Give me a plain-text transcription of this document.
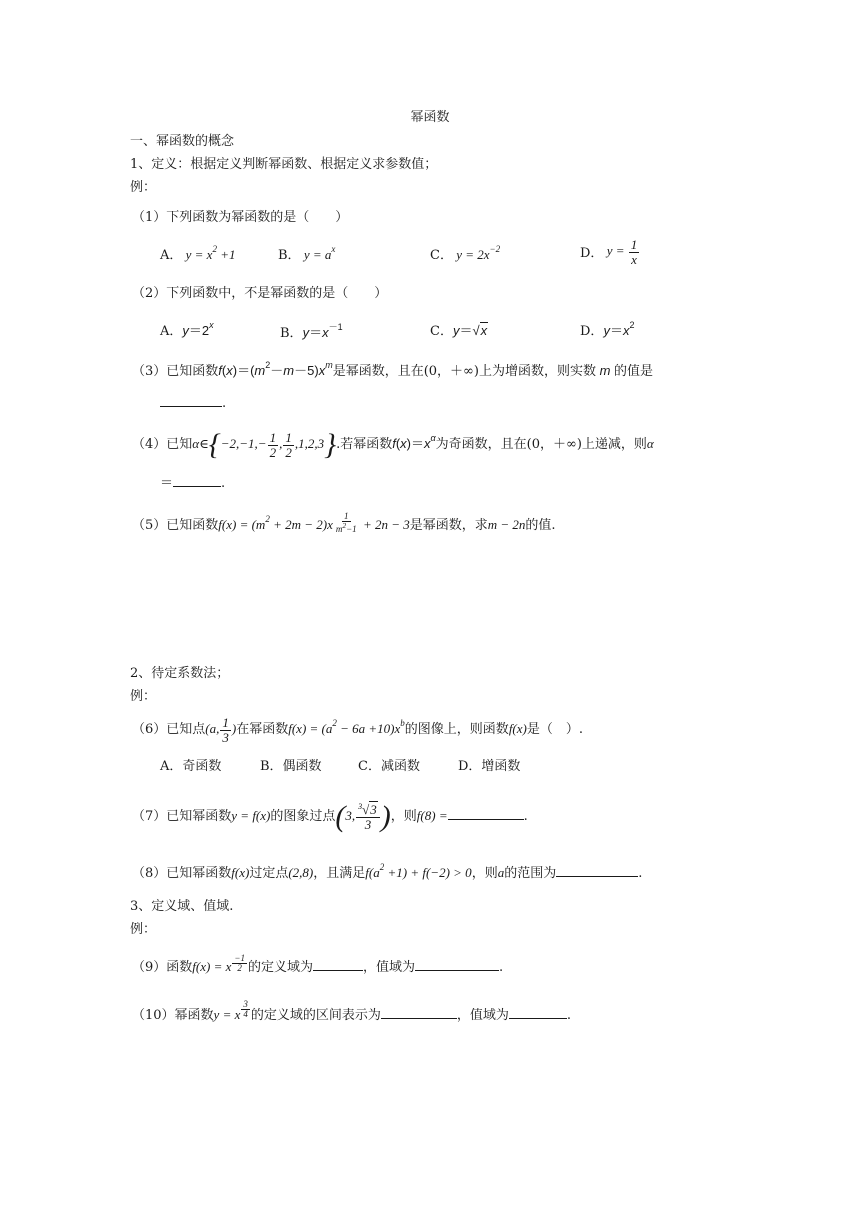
幂函数
一、幂函数的概念
1、定义：根据定义判断幂函数、根据定义求参数值；
例：
（1）下列函数为幂函数的是（　　）
A． $y = x^2 +1$	B． $y = a^x$	C． $y = 2x^{-2}$	D． $y = \frac{1}{x}$
（2）下列函数中，不是幂函数的是（　　）
A．$y=2^x$
B．$y=x^{-1}$	C．y＝√x	D．$y=x^2$
（3）已知函数$f(x)=(m^2-m-5)x^m$是幂函数，且在(0，＋∞)上为增函数，则实数 m 的值是
.
（4）已知α∈{−2,−1,− $\frac{1}{2}$ , $\frac{1}{2} ,1,2,3$}.若幂函数$f(x)=x^\alpha$为奇函数，且在(0，＋∞)上递减，则α
＝	.
（5）已知函数$f(x) = (m^2 + 2m - 2)x \frac{1}{m^2-1} + 2n - 3$是幂函数，求m − 2n的值.
2、待定系数法；
例：
（6）已知点(a, $\frac{1}{3}$ )在幂函数$f(x) = (a^2 - 6a +10)x^b$的图像上，则函数f(x)是（　）.
A．奇函数	B．偶函数	C．减函数	D．增函数
（7）已知幂函数y = f(x)的图象过点(3, $\frac{^3√3}{3}$ )，则f(8) =	.
（8）已知幂函数f(x)过定点(2,8)，且满足$f(a^2 +1) + f(-2) > 0$，则a的范围为	.
3、定义域、值域.
例：
（9）函数f(x) = x $\frac{-1}{2}$ 的定义域为	，值域为	.
（10）幂函数y = x $\frac{3}{4}$ 的定义域的区间表示为	，值域为	.
